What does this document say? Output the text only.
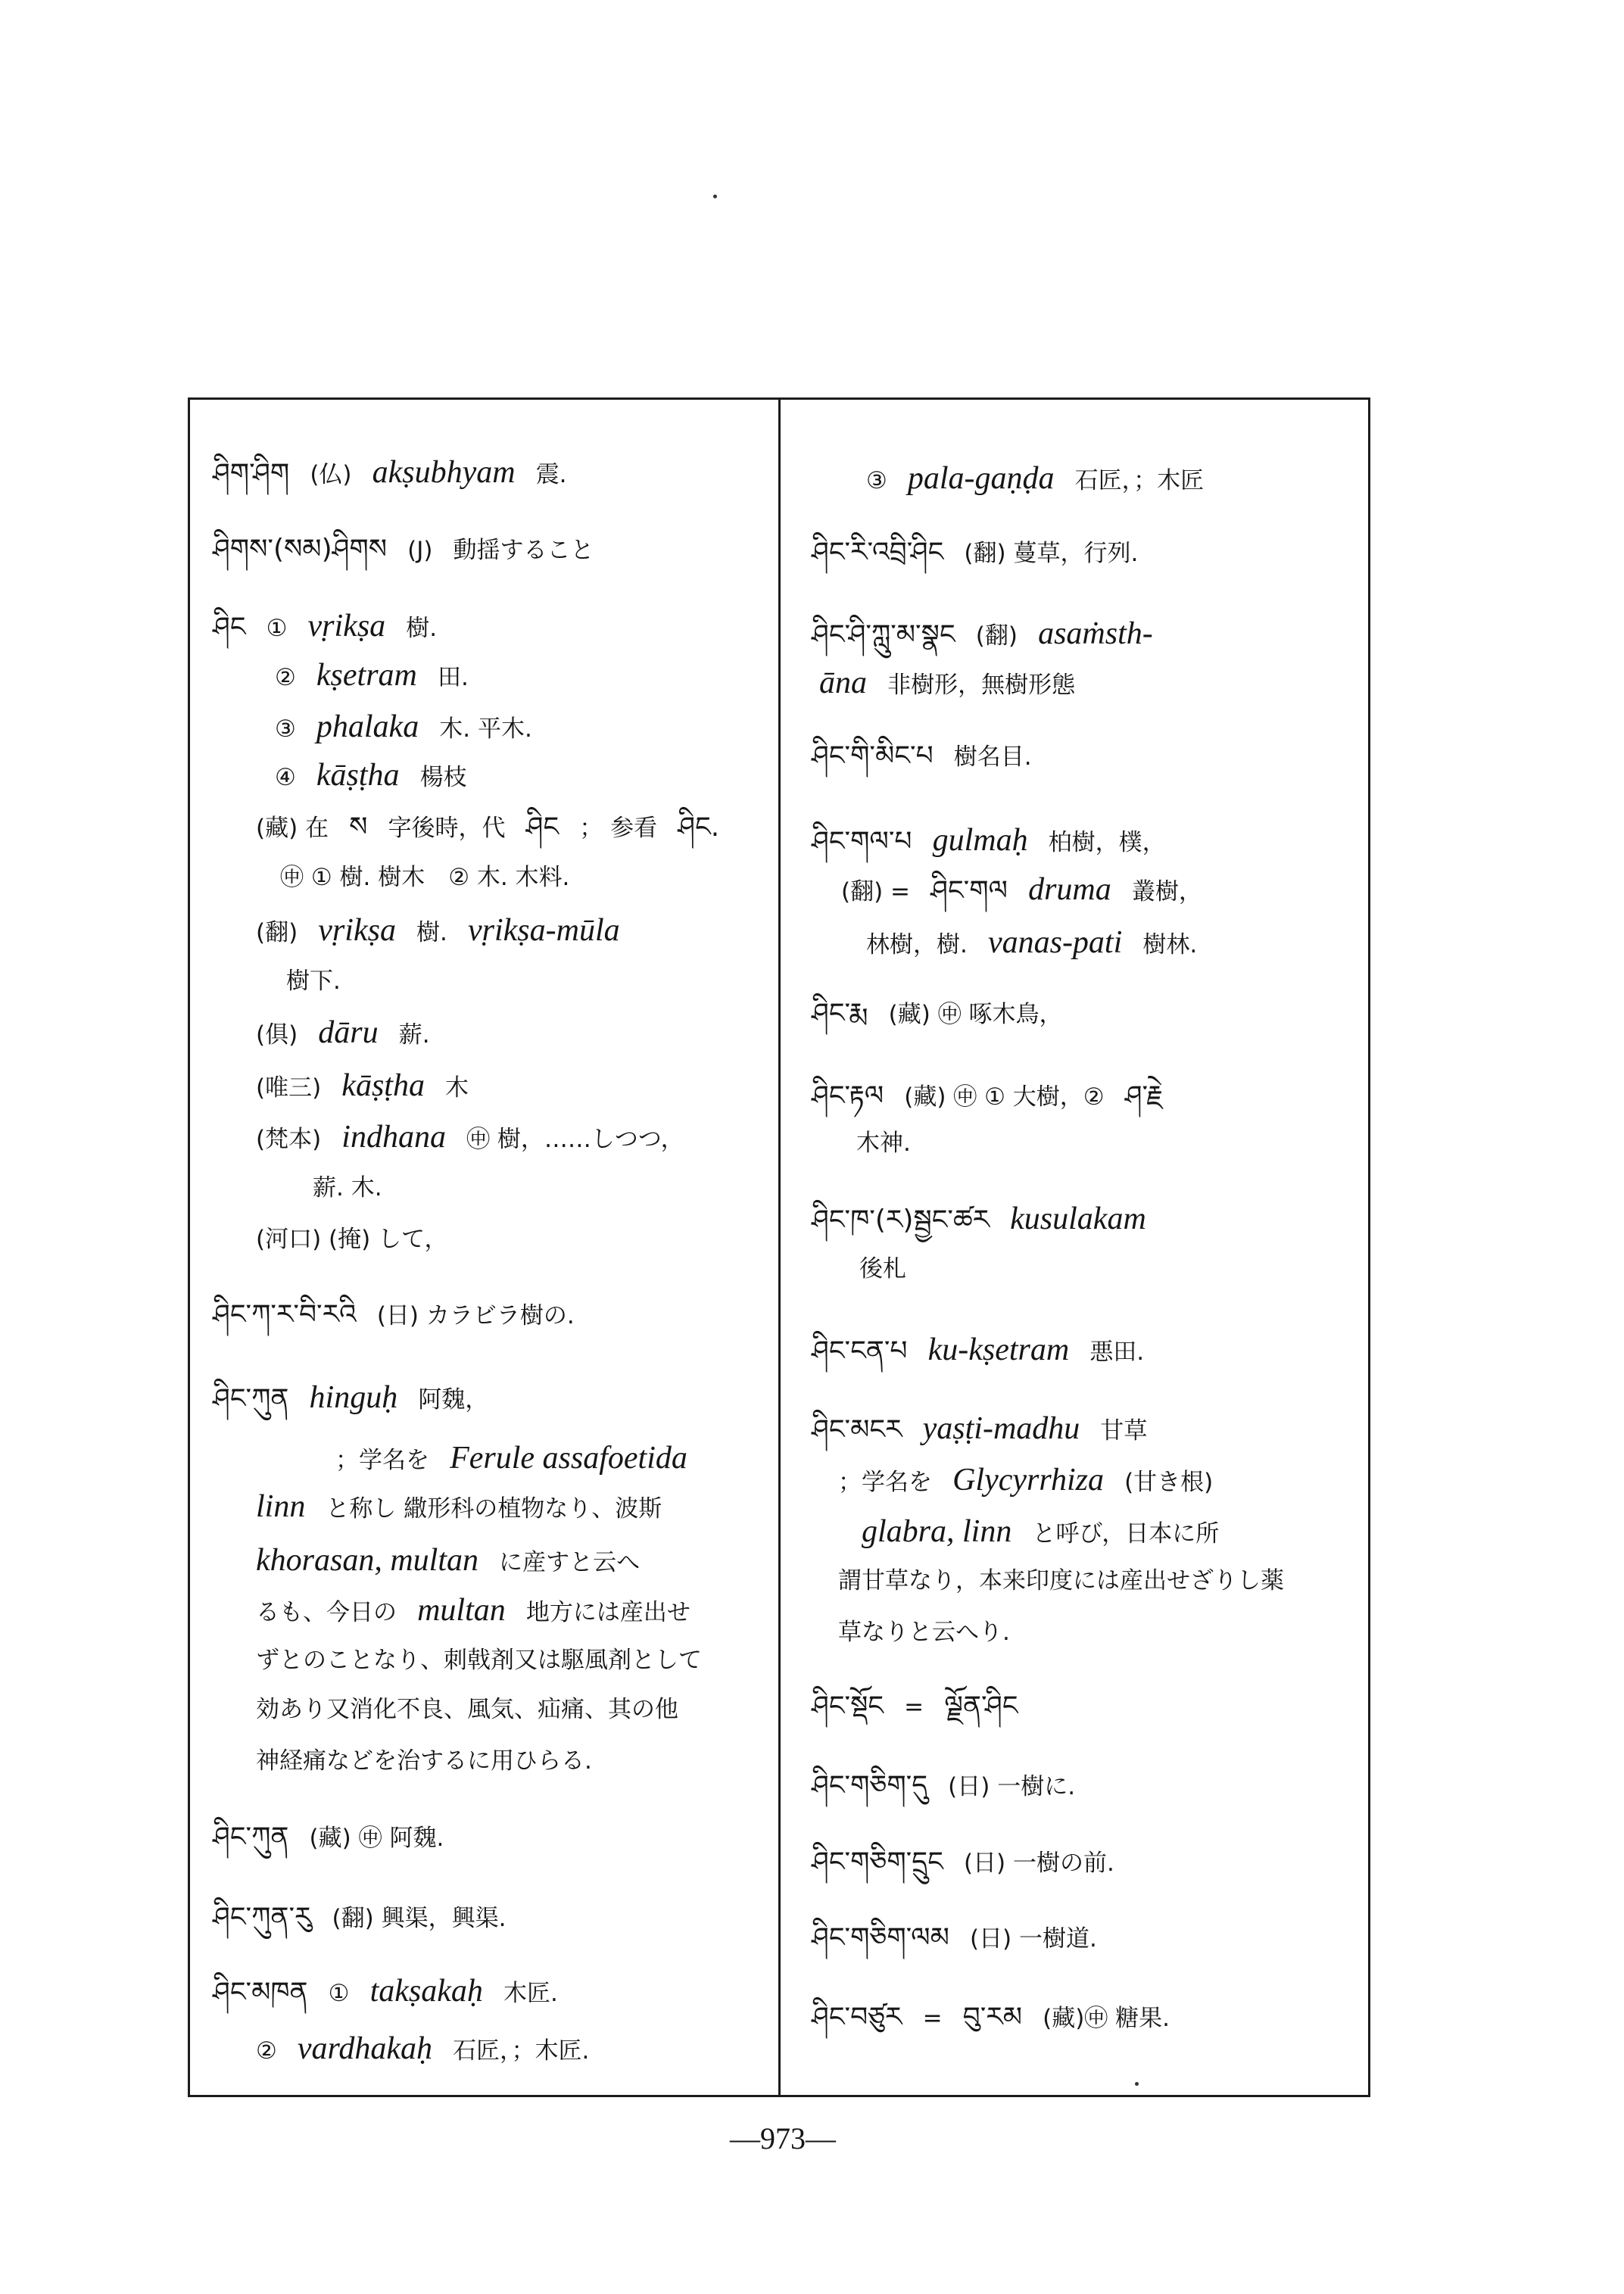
ཤིག་ཤིག (仏) akṣubhyam 震.
ཤིགས་(སམ)ཤིགས (J) 動揺すること
ཤིང ① vṛikṣa 樹.
② kṣetram 田.
③ phalaka 木. 平木.
④ kāṣṭha 楊枝
(藏) 在 ས 字後時，代 ཤིང ； 参看 ཤིང.
㊥ ① 樹. 樹木　② 木. 木料.
(翻) vṛikṣa 樹. vṛikṣa-mūla
樹下.
(俱) dāru 薪.
(唯三) kāṣṭha 木
(梵本) indhana ㊥ 樹，……しつつ，
薪. 木.
(河口) (掩) して，
ཤིང་ཀ་ར་བི་རའི (日) カラビラ樹の.
ཤིང་ཀུན hinguḥ 阿魏，
；学名を Ferule assafoetida
linn と称し 繖形科の植物なり、波斯
khorasan, multan に産すと云へ
るも、今日の multan 地方には産出せ
ずとのことなり、刺戟剤又は駆風剤として
効あり又消化不良、風気、疝痛、其の他
神経痛などを治するに用ひらる.
ཤིང་ཀུན (藏) ㊥ 阿魏.
ཤིང་ཀུན་རུ (翻) 興渠，興渠.
ཤིང་མཁན ① takṣakaḥ 木匠.
② vardhakaḥ 石匠，；木匠.
③ pala-gaṇḍa 石匠，；木匠
ཤིང་རི་འབྲི་ཤིང (翻) 蔓草，行列.
ཤིང་ཤི་ཀླུ་མ་སྣང (翻) asaṁsth-
āna 非樹形，無樹形態
ཤིང་གི་མིང་པ 樹名目.
ཤིང་གལ་པ gulmaḥ 柏樹，樸，
(翻) = ཤིང་གལ druma 叢樹，
林樹，樹. vanas-pati 樹林.
ཤིང་རྨ (藏) ㊥ 啄木鳥，
ཤིང་རྟལ (藏) ㊥ ① 大樹，② ཤ་རྗེ
木神.
ཤིང་ཁ་(ར)སྦྱང་ཚར kusulakam
後札
ཤིང་ངན་པ ku-kṣetram 悪田.
ཤིང་མངར yaṣṭi-madhu 甘草
；学名を Glycyrrhiza (甘き根)
glabra, linn と呼び，日本に所
謂甘草なり，本来印度には産出せざりし薬
草なりと云へり.
ཤིང་སྡོང = ལྗོན་ཤིང
ཤིང་གཅིག་དུ (日) 一樹に.
ཤིང་གཅིག་དྲུང (日) 一樹の前.
ཤིང་གཅིག་ལམ (日) 一樹道.
ཤིང་བཙུར = བུ་རམ (藏)㊥ 糖果.
—973—
